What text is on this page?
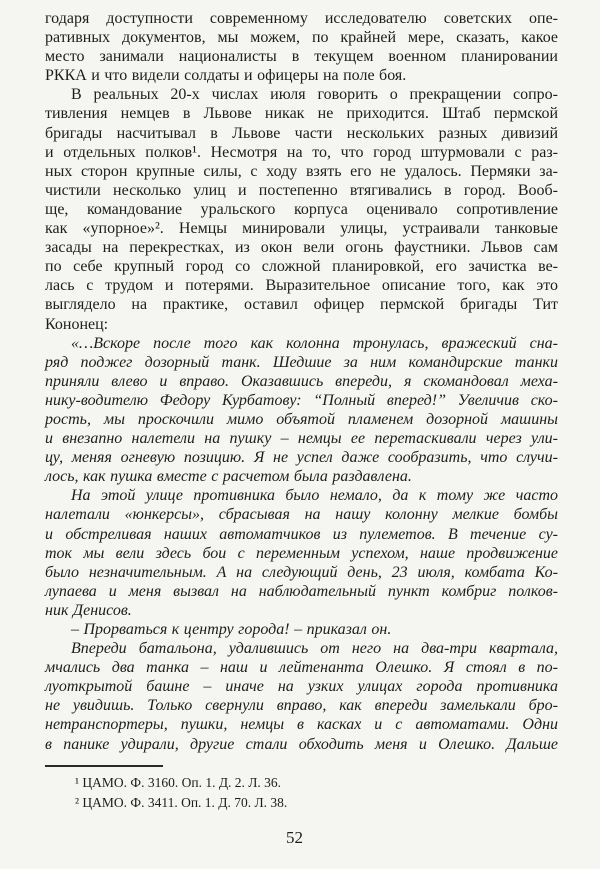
годаря доступности современному исследователю советских опе-
ративных документов, мы можем, по крайней мере, сказать, какое
место занимали националисты в текущем военном планировании
РККА и что видели солдаты и офицеры на поле боя.
В реальных 20-х числах июля говорить о прекращении сопро-
тивления немцев в Львове никак не приходится. Штаб пермской
бригады насчитывал в Львове части нескольких разных дивизий
и отдельных полков¹. Несмотря на то, что город штурмовали с раз-
ных сторон крупные силы, с ходу взять его не удалось. Пермяки за-
чистили несколько улиц и постепенно втягивались в город. Вооб-
ще, командование уральского корпуса оценивало сопротивление
как «упорное»². Немцы минировали улицы, устраивали танковые
засады на перекрестках, из окон вели огонь фаустники. Львов сам
по себе крупный город со сложной планировкой, его зачистка ве-
лась с трудом и потерями. Выразительное описание того, как это
выглядело на практике, оставил офицер пермской бригады Тит
Кононец:
«…Вскоре после того как колонна тронулась, вражеский сна-
ряд поджег дозорный танк. Шедшие за ним командирские танки
приняли влево и вправо. Оказавшись впереди, я скомандовал меха-
нику-водителю Федору Курбатову: “Полный вперед!” Увеличив ско-
рость, мы проскочили мимо объятой пламенем дозорной машины
и внезапно налетели на пушку – немцы ее перетаскивали через ули-
цу, меняя огневую позицию. Я не успел даже сообразить, что случи-
лось, как пушка вместе с расчетом была раздавлена.
На этой улице противника было немало, да к тому же часто
налетали «юнкерсы», сбрасывая на нашу колонну мелкие бомбы
и обстреливая наших автоматчиков из пулеметов. В течение су-
ток мы вели здесь бои с переменным успехом, наше продвижение
было незначительным. А на следующий день, 23 июля, комбата Ко-
лупаева и меня вызвал на наблюдательный пункт комбриг полков-
ник Денисов.
– Прорваться к центру города! – приказал он.
Впереди батальона, удалившись от него на два-три квартала,
мчались два танка – наш и лейтенанта Олешко. Я стоял в по-
луоткрытой башне – иначе на узких улицах города противника
не увидишь. Только свернули вправо, как впереди замелькали бро-
нетранспортеры, пушки, немцы в касках и с автоматами. Одни
в панике удирали, другие стали обходить меня и Олешко. Дальше
¹ ЦАМО. Ф. 3160. Оп. 1. Д. 2. Л. 36.
² ЦАМО. Ф. 3411. Оп. 1. Д. 70. Л. 38.
52
